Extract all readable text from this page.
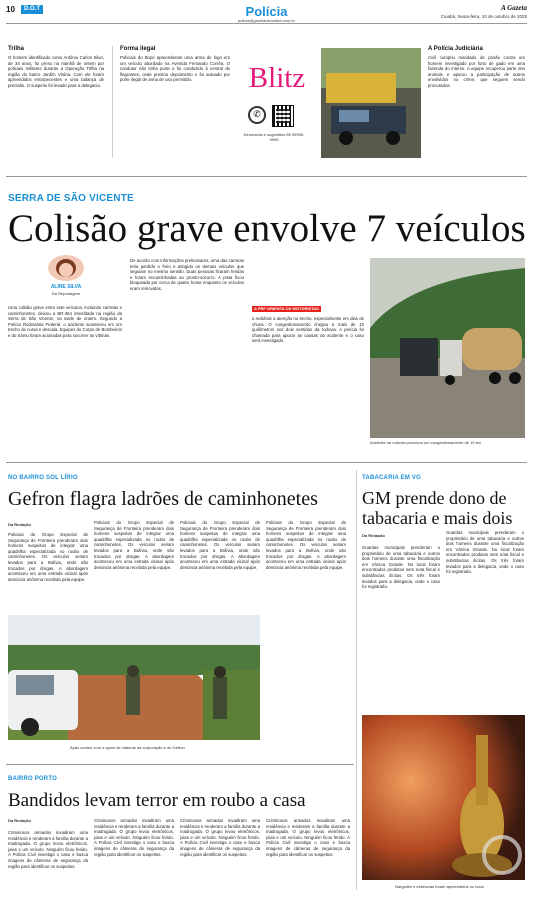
10	D.O.T	Polícia
policia@gazetadecuiaba.com.br
A Gazeta
Cuiabá, Sexta-feira, 10 de outubro de 2025
Trilha
O homem identificado como Antônio Carlos Silva, de 34 anos, foi preso na manhã de ontem por policiais militares durante a Operação Trilha na região do bairro Jardim Vitória. Com ele foram apreendidos entorpecentes e uma balança de precisão. O suspeito foi levado para a delegacia.
Forma ilegal
Policiais do Bope apreenderam uma arma de fogo em um veículo abordado na Avenida Fernando Corrêa. O condutor não tinha porte e foi conduzido à central de flagrantes, onde prestou depoimento e foi autuado por porte ilegal de arma de uso permitido.	Blitz
✆
Denúncias e sugestões 65 99999-9999
A Polícia Judiciária
Civil cumpriu mandado de prisão contra um homem investigado por furto de gado em uma fazenda do interior. A equipe recuperou parte dos animais e apurou a participação de outros envolvidos no crime, que seguem sendo procurados.
SERRA DE SÃO VICENTE
Colisão grave envolve 7 veículos
ALINE SILVA
Da Reportagem
Uma colisão grave entre sete veículos, incluindo carretas e caminhonetes, deixou a BR-364 interditada na região da Serra de São Vicente, na tarde de ontem. Segundo a Polícia Rodoviária Federal, o acidente aconteceu em um trecho de curva e descida. Equipes do Corpo de Bombeiros e do Samu foram acionadas para socorrer as vítimas.
De acordo com informações preliminares, uma das carretas teria perdido o freio e atingido os demais veículos que seguiam no mesmo sentido. Duas pessoas ficaram feridas e foram encaminhadas ao pronto-socorro. A pista ficou bloqueada por cerca de quatro horas enquanto os veículos eram removidos.
A PRF ORIENTA OS MOTORISTAS
a redobrar a atenção no trecho, especialmente em dias de chuva. O congestionamento chegou a mais de 10 quilômetros nos dois sentidos da rodovia. A perícia foi chamada para apurar as causas do acidente e o caso será investigado.
Acidente na rodovia provocou um congestionamento de 10 km
NO BAIRRO SOL LÍRIO
Gefron flagra ladrões de caminhonetes
Da Redação
Policiais do Grupo Especial de Segurança de Fronteira prenderam dois homens suspeitos de integrar uma quadrilha especializada no roubo de caminhonetes. Os veículos seriam levados para a Bolívia, onde são trocados por drogas. A abordagem aconteceu em uma estrada vicinal após denúncia anônima recebida pela equipe.
Policiais do Grupo Especial de Segurança de Fronteira prenderam dois homens suspeitos de integrar uma quadrilha especializada no roubo de caminhonetes. Os veículos seriam levados para a Bolívia, onde são trocados por drogas. A abordagem aconteceu em uma estrada vicinal após denúncia anônima recebida pela equipe.
Policiais do Grupo Especial de Segurança de Fronteira prenderam dois homens suspeitos de integrar uma quadrilha especializada no roubo de caminhonetes. Os veículos seriam levados para a Bolívia, onde são trocados por drogas. A abordagem aconteceu em uma estrada vicinal após denúncia anônima recebida pela equipe.
Policiais do Grupo Especial de Segurança de Fronteira prenderam dois homens suspeitos de integrar uma quadrilha especializada no roubo de caminhonetes. Os veículos seriam levados para a Bolívia, onde são trocados por drogas. A abordagem aconteceu em uma estrada vicinal após denúncia anônima recebida pela equipe.
Ação contou com o apoio de viaturas da corporação e do Gefron
TABACARIA EM VG
GM prende dono de
tabacaria e mais dois
Da Redação
Guardas municipais prenderam o proprietário de uma tabacaria e outros dois homens durante uma fiscalização em Várzea Grande. No local foram encontrados produtos sem nota fiscal e substâncias ilícitas. Os três foram levados para a delegacia, onde o caso foi registrado.
Guardas municipais prenderam o proprietário de uma tabacaria e outros dois homens durante uma fiscalização em Várzea Grande. No local foram encontrados produtos sem nota fiscal e substâncias ilícitas. Os três foram levados para a delegacia, onde o caso foi registrado.
Narguilés e essências foram apreendidos no local
BAIRRO PORTO
Bandidos levam terror em roubo a casa
Da Redação
Criminosos armados invadiram uma residência e renderam a família durante a madrugada. O grupo levou eletrônicos, joias e um veículo. Ninguém ficou ferido. A Polícia Civil investiga o caso e busca imagens de câmeras de segurança da região para identificar os suspeitos.
Criminosos armados invadiram uma residência e renderam a família durante a madrugada. O grupo levou eletrônicos, joias e um veículo. Ninguém ficou ferido. A Polícia Civil investiga o caso e busca imagens de câmeras de segurança da região para identificar os suspeitos.
Criminosos armados invadiram uma residência e renderam a família durante a madrugada. O grupo levou eletrônicos, joias e um veículo. Ninguém ficou ferido. A Polícia Civil investiga o caso e busca imagens de câmeras de segurança da região para identificar os suspeitos.
Criminosos armados invadiram uma residência e renderam a família durante a madrugada. O grupo levou eletrônicos, joias e um veículo. Ninguém ficou ferido. A Polícia Civil investiga o caso e busca imagens de câmeras de segurança da região para identificar os suspeitos.
